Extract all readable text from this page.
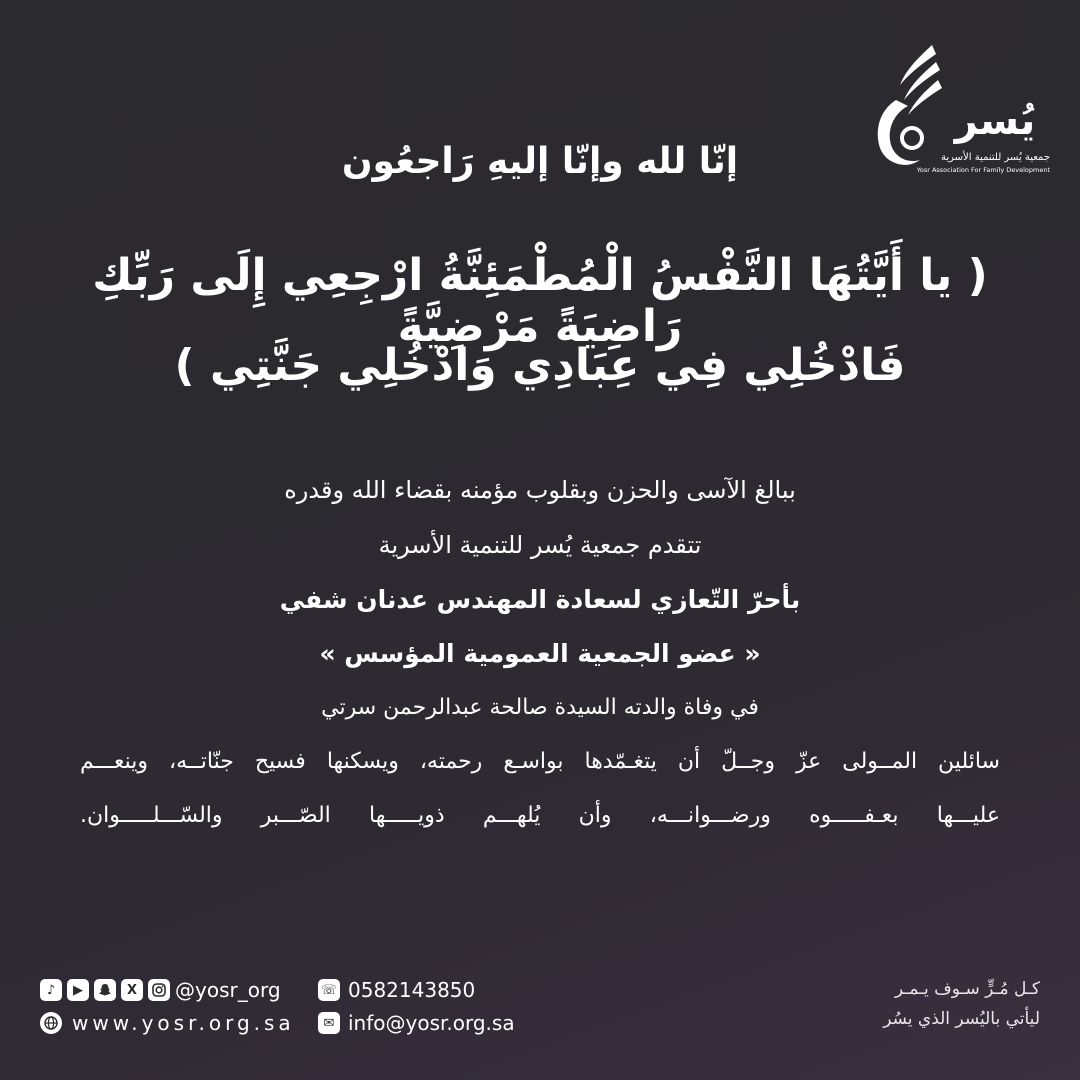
يُسر
جمعية يُسر للتنمية الأسرية
Yosr Association For Family Development
إنّا لله وإنّا إليهِ رَاجعُون
( يا أَيَّتُهَا النَّفْسُ الْمُطْمَئِنَّةُ ارْجِعِي إِلَى رَبِّكِ رَاضِيَةً مَرْضِيَّةً
فَادْخُلِي فِي عِبَادِي وَادْخُلِي جَنَّتِي )
ببالغ الآسى والحزن وبقلوب مؤمنه بقضاء الله وقدره
تتقدم جمعية يُسر للتنمية الأسرية
بأحرّ التّعازي لسعادة المهندس عدنان شفي
« عضو الجمعية العمومية المؤسس »
في وفاة والدته السيدة صالحة عبدالرحمن سرتي
سائلين المــولى عزّ وجــلّ أن يتغـمّدها بواسـع رحمته، ويسكنها فسيح جنّاتــه، وينعـــم
عليـــها بعـفـــــوه ورضـــوانـــه، وأن يُلهـــم ذويـــــها الصّـــبر والسّـــلـــــوان.
♪	▶	X @yosr_org
www.yosr.org.sa
☏ 0582143850
✉ info@yosr.org.sa
كـل مُـرٍّ سـوف يـمـر
ليأتي باليُسر الذي يسُر
